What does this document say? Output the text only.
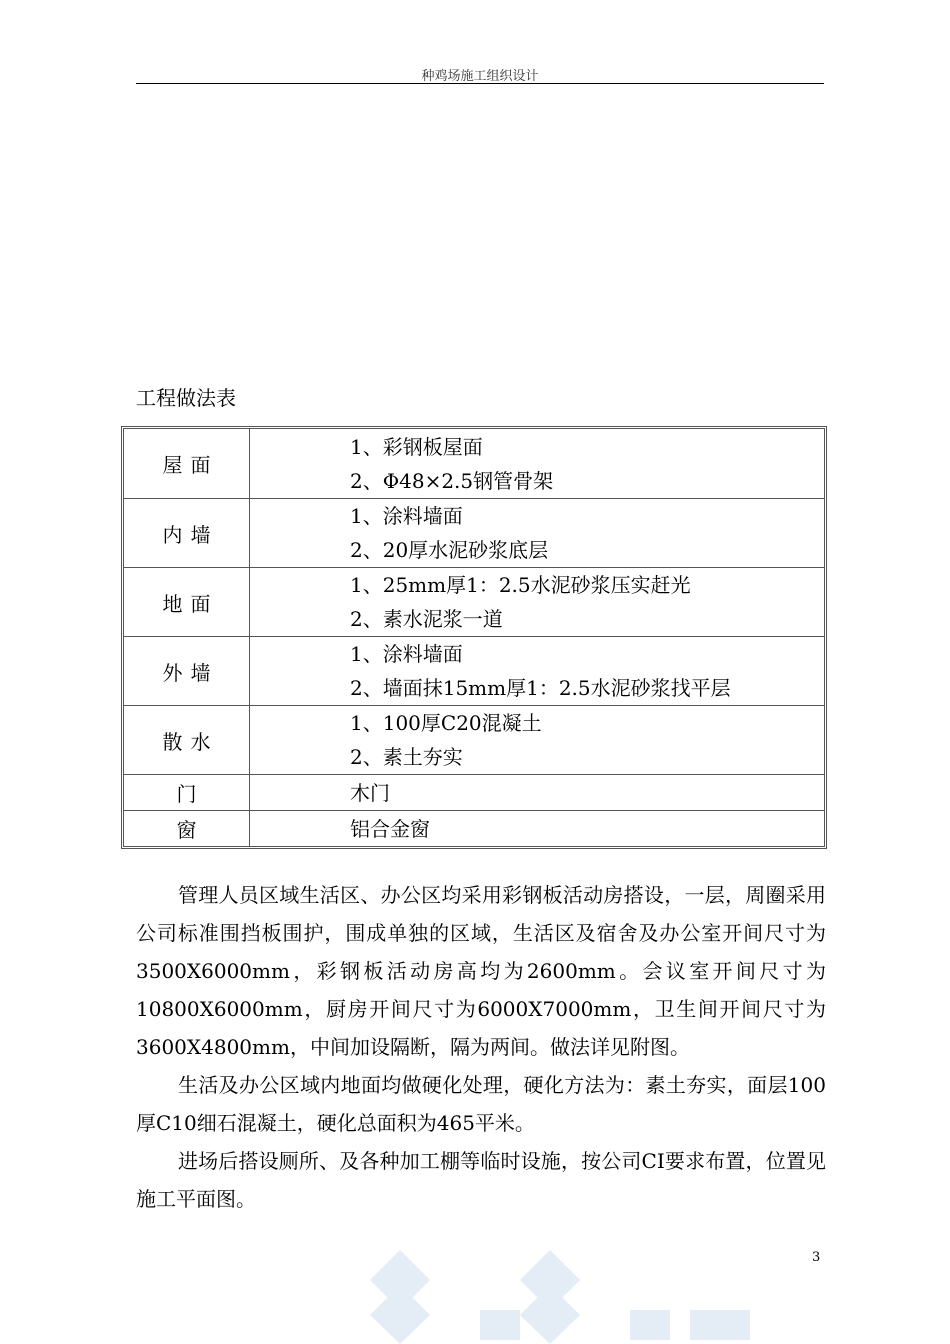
种鸡场施工组织设计
工程做法表
屋面
1、彩钢板屋面
2、Φ48×2.5钢管骨架
内墙
1、涂料墙面
2、20厚水泥砂浆底层
地面
1、25mm厚1：2.5水泥砂浆压实赶光
2、素水泥浆一道
外墙
1、涂料墙面
2、墙面抹15mm厚1：2.5水泥砂浆找平层
散水
1、100厚C20混凝土
2、素土夯实
门	木门
窗	铝合金窗

管理人员区域生活区、办公区均采用彩钢板活动房搭设，一层，周圈采用公司标准围挡板围护，围成单独的区域，生活区及宿舍及办公室开间尺寸为3500X6000mm，彩钢板活动房高均为2600mm。会议室开间尺寸为10800X6000mm，厨房开间尺寸为6000X7000mm，卫生间开间尺寸为3600X4800mm，中间加设隔断，隔为两间。做法详见附图。

生活及办公区域内地面均做硬化处理，硬化方法为：素土夯实，面层100厚C10细石混凝土，硬化总面积为465平米。

进场后搭设厕所、及各种加工棚等临时设施，按公司CI要求布置，位置见施工平面图。

3
